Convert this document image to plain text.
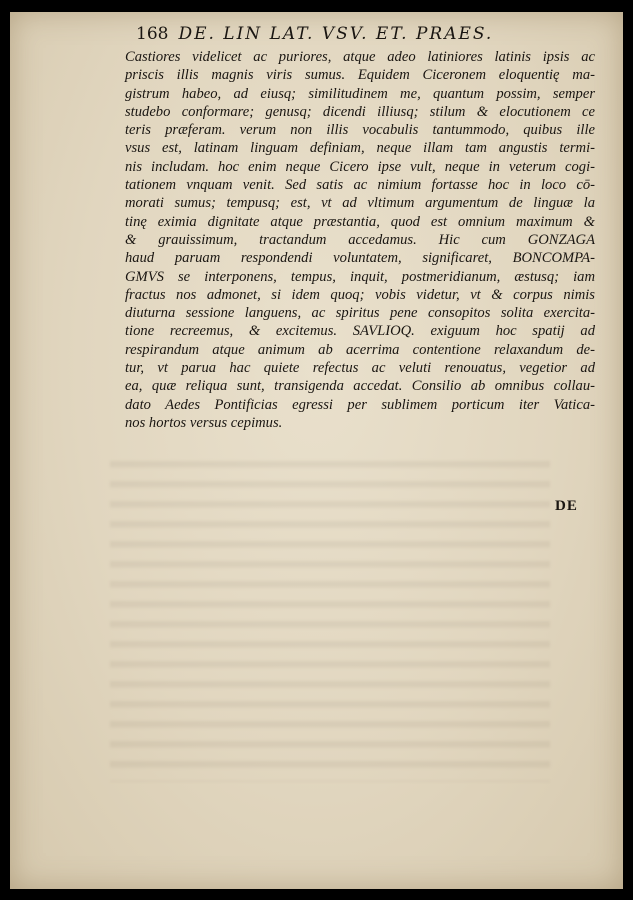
168 DE. LIN LAT. VSV. ET. PRAES.
Castiores videlicet ac puriores, atque adeo latiniores latinis ipsis ac
priscis illis magnis viris sumus. Equidem Ciceronem eloquentię ma-
gistrum habeo, ad eiusq; similitudinem me, quantum possim, semper
studebo conformare; genusq; dicendi illiusq; stilum & elocutionem ce
teris præferam. verum non illis vocabulis tantummodo, quibus ille
vsus est, latinam linguam definiam, neque illam tam angustis termi-
nis includam. hoc enim neque Cicero ipse vult, neque in veterum cogi-
tationem vnquam venit. Sed satis ac nimium fortasse hoc in loco cō-
morati sumus; tempusq; est, vt ad vltimum argumentum de linguæ la
tinę eximia dignitate atque præstantia, quod est omnium maximum &
& grauissimum, tractandum accedamus. Hic cum GONZAGA
haud paruam respondendi voluntatem, significaret, BONCOMPA-
GMVS se interponens, tempus, inquit, postmeridianum, æstusq; iam
fractus nos admonet, si idem quoq; vobis videtur, vt & corpus nimis
diuturna sessione languens, ac spiritus pene consopitos solita exercita-
tione recreemus, & excitemus. SAVLIOQ. exiguum hoc spatij ad
respirandum atque animum ab acerrima contentione relaxandum de-
tur, vt parua hac quiete refectus ac veluti renouatus, vegetior ad
ea, quæ reliqua sunt, transigenda accedat. Consilio ab omnibus collau-
dato Aedes Pontificias egressi per sublimem porticum iter Vatica-
nos hortos versus cepimus.
DE
